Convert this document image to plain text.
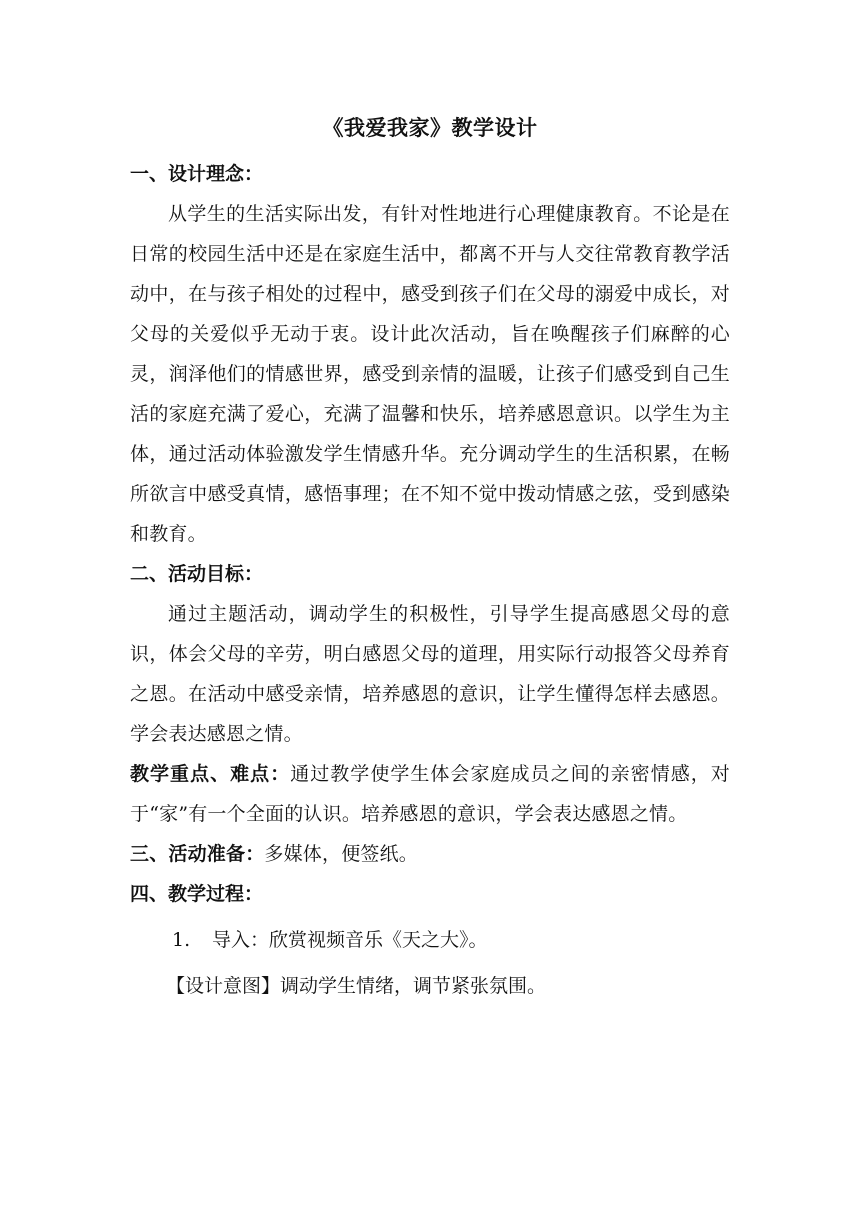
《我爱我家》教学设计
一、设计理念：

从学生的生活实际出发，有针对性地进行心理健康教育。不论是在日常的校园生活中还是在家庭生活中，都离不开与人交往常教育教学活动中，在与孩子相处的过程中，感受到孩子们在父母的溺爱中成长，对父母的关爱似乎无动于衷。设计此次活动，旨在唤醒孩子们麻醉的心灵，润泽他们的情感世界，感受到亲情的温暖，让孩子们感受到自己生活的家庭充满了爱心，充满了温馨和快乐，培养感恩意识。以学生为主体，通过活动体验激发学生情感升华。充分调动学生的生活积累，在畅所欲言中感受真情，感悟事理；在不知不觉中拨动情感之弦，受到感染和教育。

二、活动目标：

通过主题活动，调动学生的积极性，引导学生提高感恩父母的意识，体会父母的辛劳，明白感恩父母的道理，用实际行动报答父母养育之恩。在活动中感受亲情，培养感恩的意识，让学生懂得怎样去感恩。学会表达感恩之情。

教学重点、难点：通过教学使学生体会家庭成员之间的亲密情感，对于“家”有一个全面的认识。培养感恩的意识，学会表达感恩之情。

三、活动准备：多媒体，便签纸。

四、教学过程：
1. 导入：欣赏视频音乐《天之大》。
【设计意图】调动学生情绪，调节紧张氛围。
